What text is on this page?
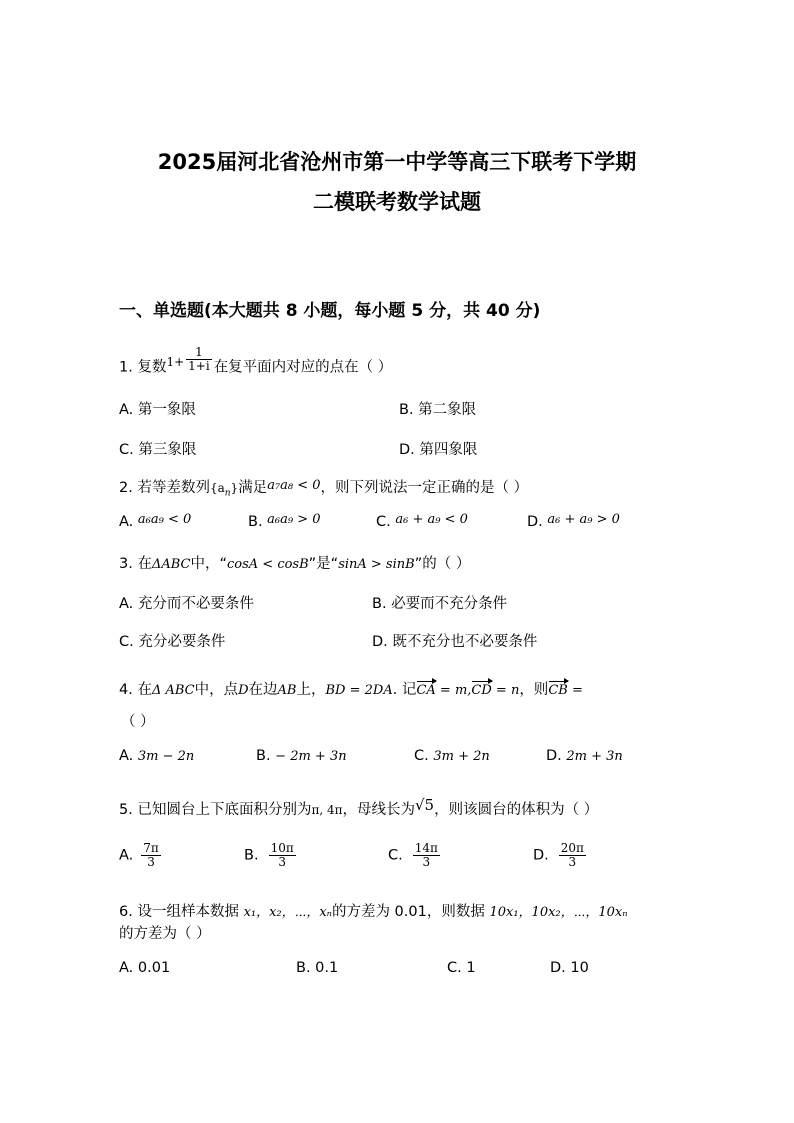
2025届河北省沧州市第一中学等高三下联考下学期
二模联考数学试题
一、单选题(本大题共 8 小题，每小题 5 分，共 40 分)
1. 复数$^{1+} \frac{1}{1+i}$ 在复平面内对应的点在（ ）
A. 第一象限	B. 第二象限
C. 第三象限	D. 第四象限
2. 若等差数列$\{a_n\}$满足a₇a₈ < 0，则下列说法一定正确的是（ ）
A. a₆a₉ < 0	B. a₆a₉ > 0	C. a₆ + a₉ < 0	D. a₆ + a₉ > 0
3. 在ΔABC中，“cosA < cosB”是“sinA > sinB”的（ ）
A. 充分而不必要条件	B. 必要而不充分条件
C. 充分必要条件	D. 既不充分也不必要条件
4. 在Δ ABC中，点D在边AB上，BD = 2DA. 记CA = m,CD = n，则CB =
（ ）
A. 3m − 2n	B. − 2m + 3n	C. 3m + 2n	D. 2m + 3n
5. 已知圆台上下底面积分别为π, 4π，母线长为√5，则该圆台的体积为（ ）
A. $\frac{7\pi}{3}$	B. $\frac{10\pi}{3}$	C. $\frac{14\pi}{3}$	D. $\frac{20\pi}{3}$
6. 设一组样本数据 x₁，x₂，⋯，xₙ的方差为 0.01，则数据 10x₁，10x₂，⋯，10xₙ
的方差为（ ）
A. 0.01	B. 0.1	C. 1	D. 10
